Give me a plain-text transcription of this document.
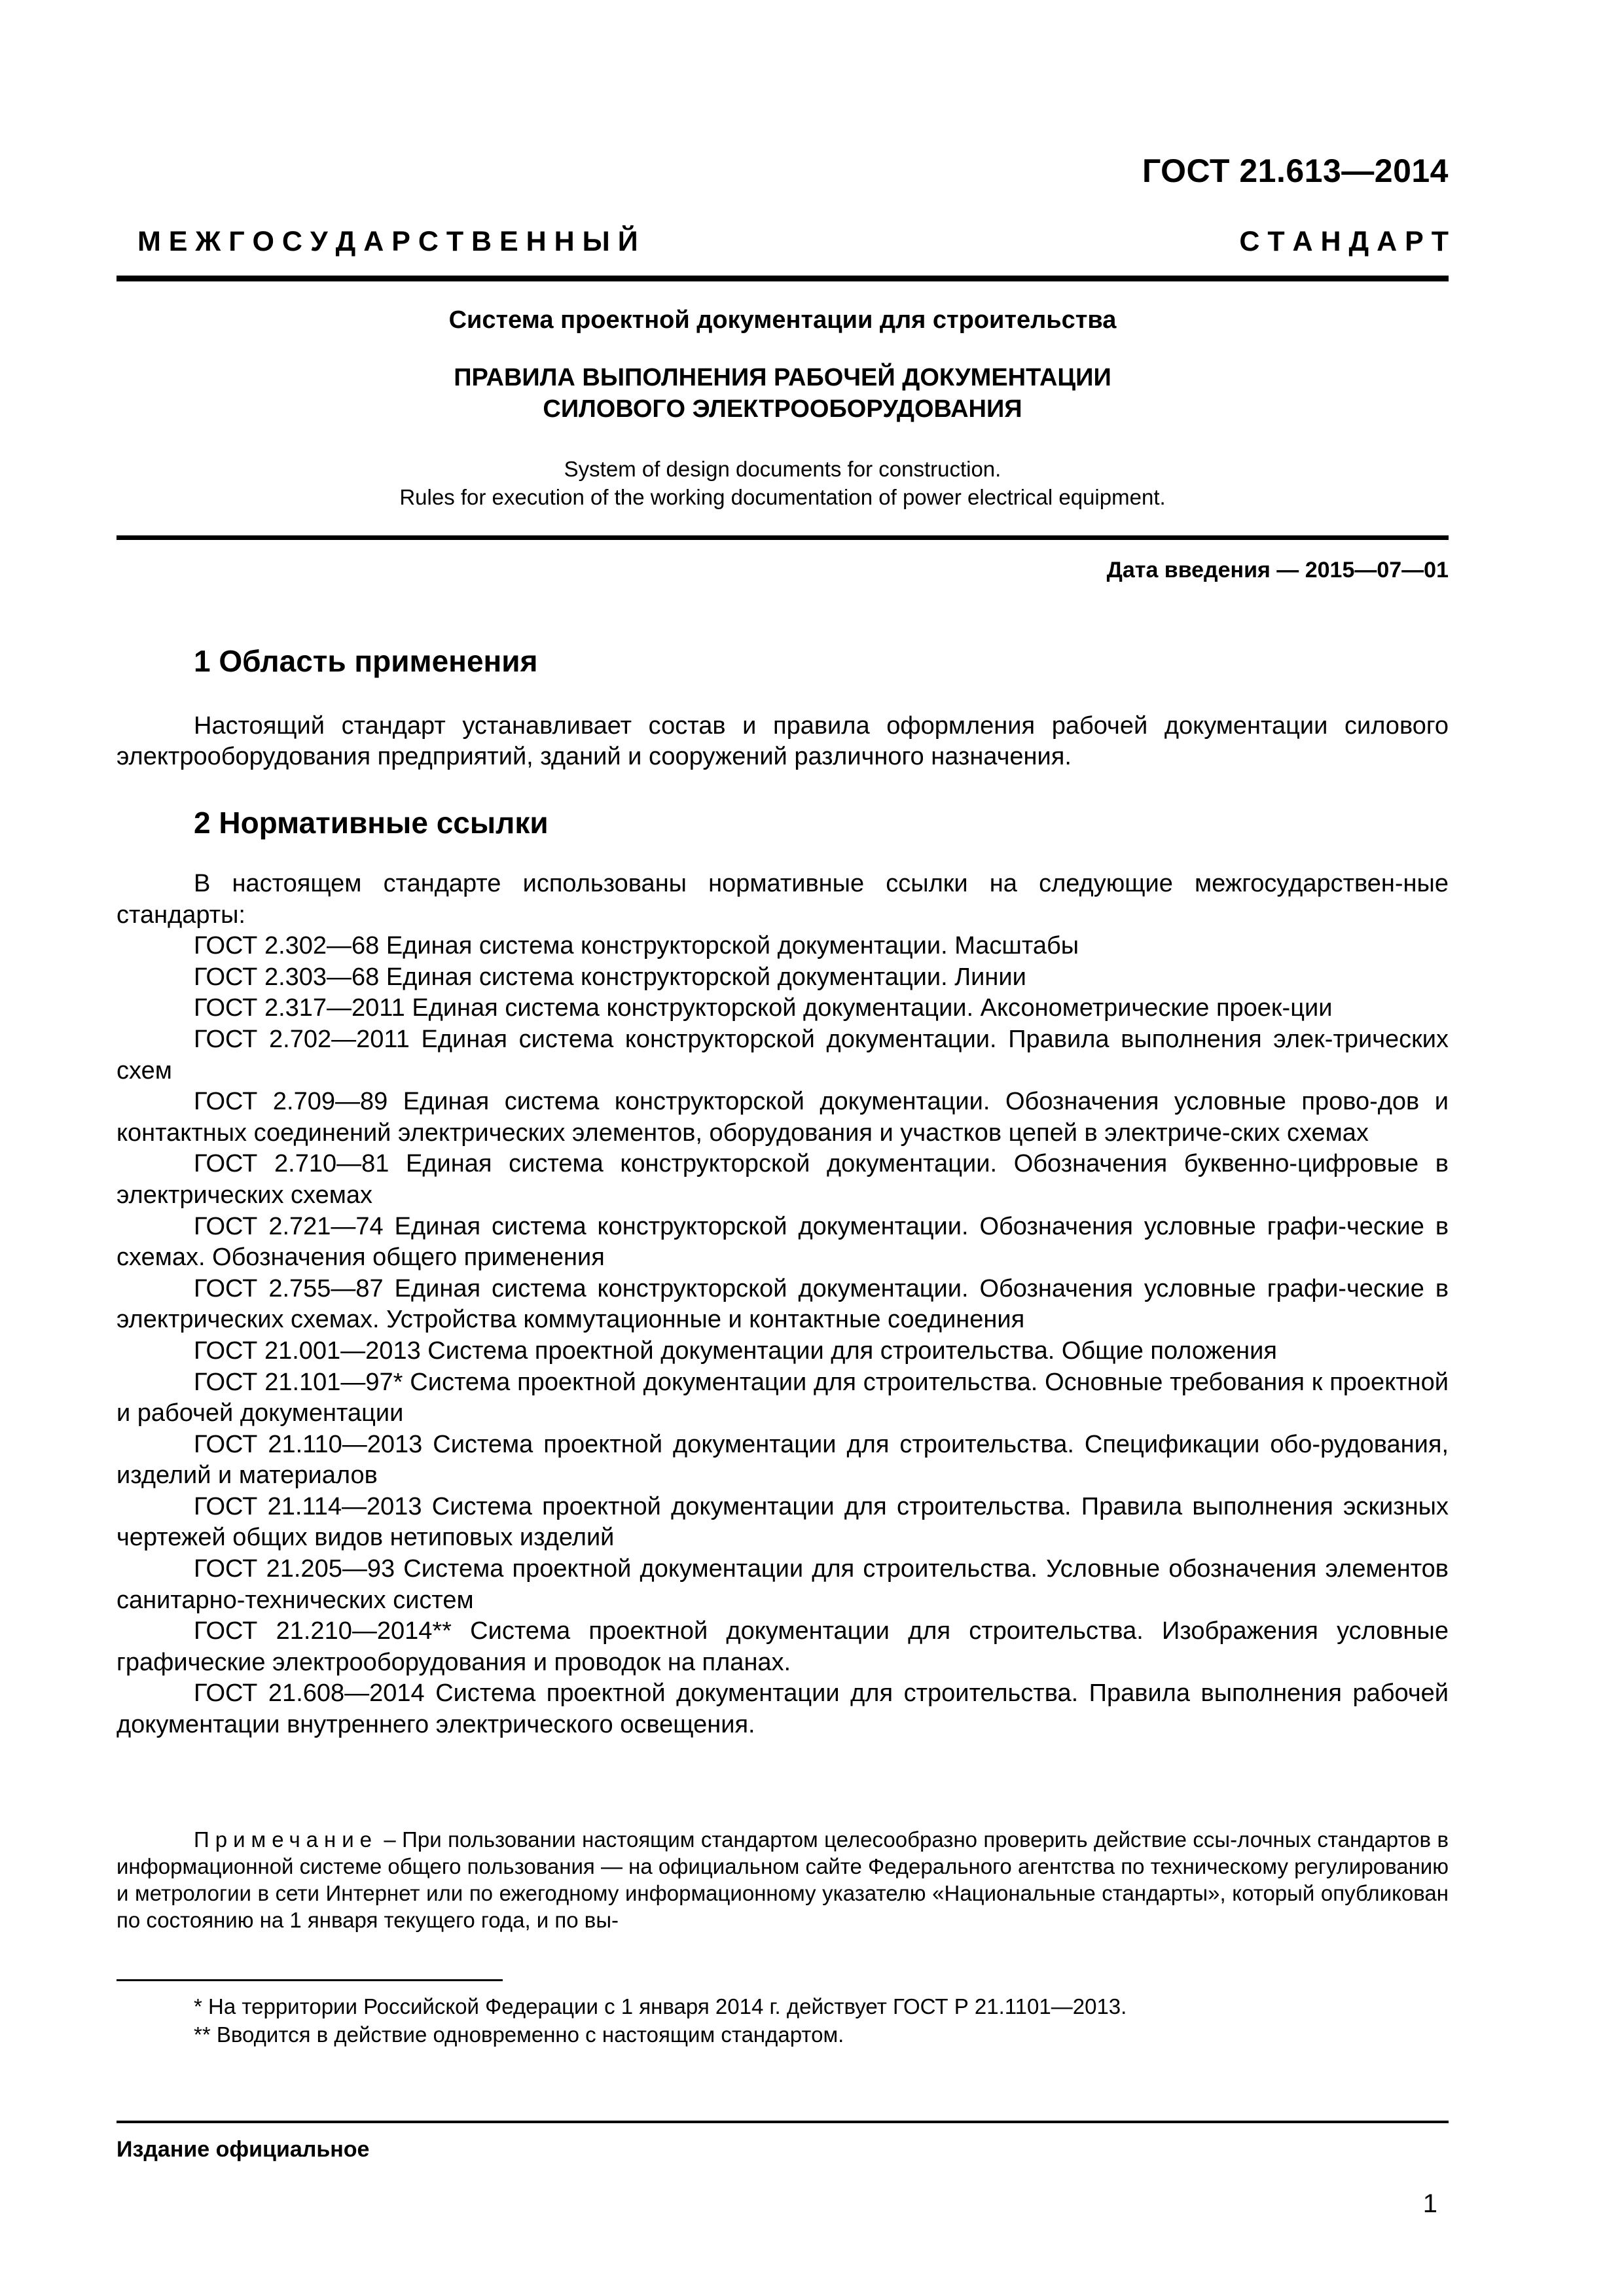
ГОСТ 21.613—2014
М Е Ж Г О С У Д А Р С Т В Е Н Н Ы Й	С Т А Н Д А Р Т
Система проектной документации для строительства
ПРАВИЛА ВЫПОЛНЕНИЯ РАБОЧЕЙ ДОКУМЕНТАЦИИ
СИЛОВОГО ЭЛЕКТРООБОРУДОВАНИЯ
System of design documents for construction.
Rules for execution of the working documentation of power electrical equipment.
Дата введения — 2015—07—01
1 Область применения
Настоящий стандарт устанавливает состав и правила оформления рабочей документации силового электрооборудования предприятий, зданий и сооружений различного назначения.
2 Нормативные ссылки

В настоящем стандарте использованы нормативные ссылки на следующие межгосударствен-ные стандарты:

ГОСТ 2.302—68 Единая система конструкторской документации. Масштабы

ГОСТ 2.303—68 Единая система конструкторской документации. Линии

ГОСТ 2.317—2011 Единая система конструкторской документации. Аксонометрические проек-ции

ГОСТ 2.702—2011 Единая система конструкторской документации. Правила выполнения элек-трических схем

ГОСТ 2.709—89 Единая система конструкторской документации. Обозначения условные прово-дов и контактных соединений электрических элементов, оборудования и участков цепей в электриче-ских схемах

ГОСТ 2.710—81 Единая система конструкторской документации. Обозначения буквенно-цифровые в электрических схемах

ГОСТ 2.721—74 Единая система конструкторской документации. Обозначения условные графи-ческие в схемах. Обозначения общего применения

ГОСТ 2.755—87 Единая система конструкторской документации. Обозначения условные графи-ческие в электрических схемах. Устройства коммутационные и контактные соединения

ГОСТ 21.001—2013 Система проектной документации для строительства. Общие положения

ГОСТ 21.101—97* Система проектной документации для строительства. Основные требования к проектной и рабочей документации

ГОСТ 21.110—2013 Система проектной документации для строительства. Спецификации обо-рудования, изделий и материалов

ГОСТ 21.114—2013 Система проектной документации для строительства. Правила выполнения эскизных чертежей общих видов нетиповых изделий

ГОСТ 21.205—93 Система проектной документации для строительства. Условные обозначения элементов санитарно-технических систем

ГОСТ 21.210—2014** Система проектной документации для строительства. Изображения условные графические электрооборудования и проводок на планах.

ГОСТ 21.608—2014 Система проектной документации для строительства. Правила выполнения рабочей документации внутреннего электрического освещения.

Примечание – При пользовании настоящим стандартом целесообразно проверить действие ссы-лочных стандартов в информационной системе общего пользования — на официальном сайте Федерального агентства по техническому регулированию и метрологии в сети Интернет или по ежегодному информационному указателю «Национальные стандарты», который опубликован по состоянию на 1 января текущего года, и по вы-

* На территории Российской Федерации с 1 января 2014 г. действует ГОСТ Р 21.1101—2013.

** Вводится в действие одновременно с настоящим стандартом.

Издание официальное
1
